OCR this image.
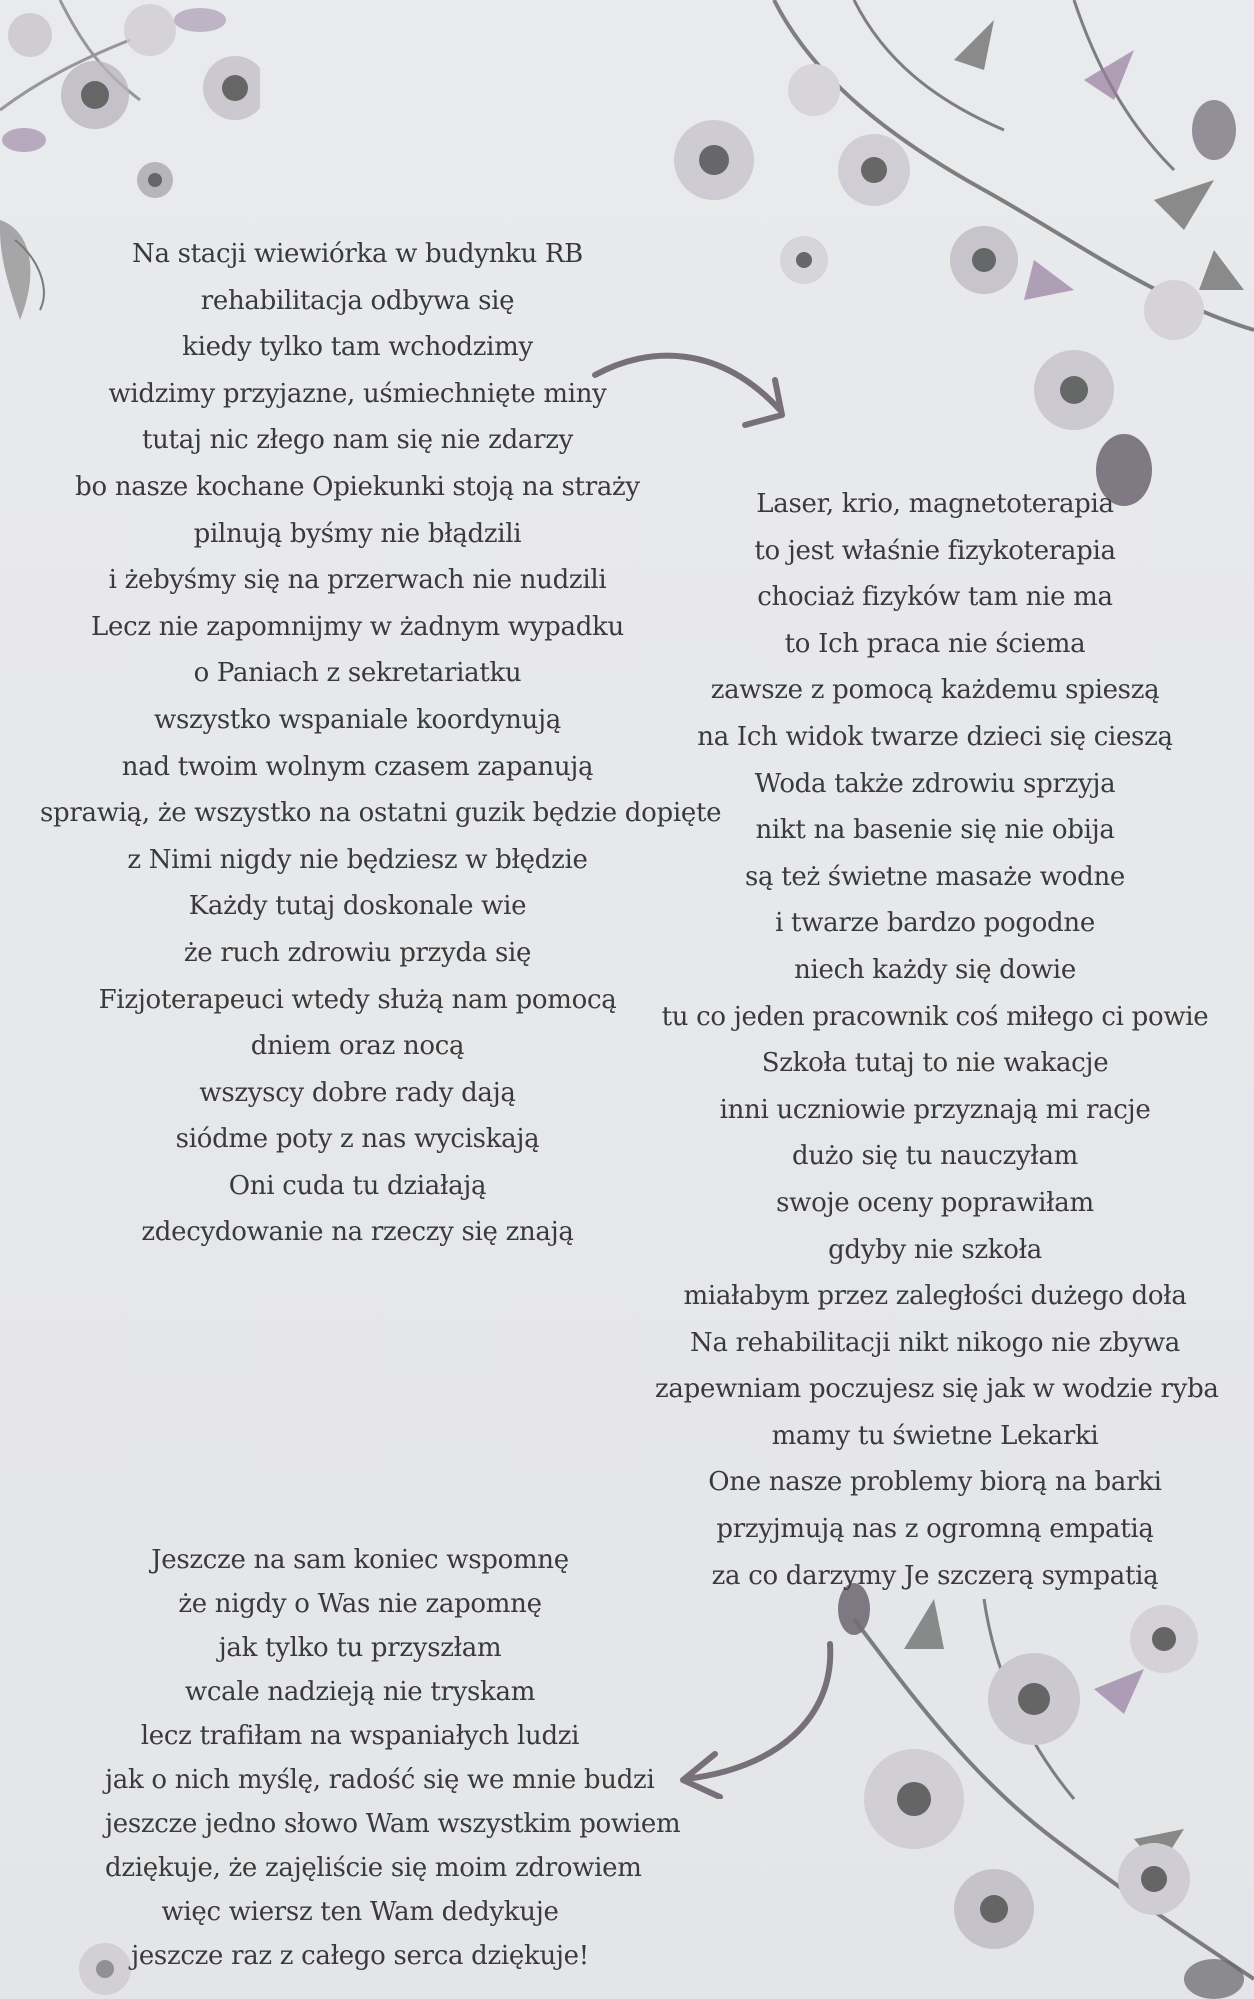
Na stacji wiewiórka w budynku RB
rehabilitacja odbywa się
kiedy tylko tam wchodzimy
widzimy przyjazne, uśmiechnięte miny
tutaj nic złego nam się nie zdarzy
bo nasze kochane Opiekunki stoją na straży
pilnują byśmy nie błądzili
i żebyśmy się na przerwach nie nudzili
Lecz nie zapomnijmy w żadnym wypadku
o Paniach z sekretariatku
wszystko wspaniale koordynują
nad twoim wolnym czasem zapanują
sprawią, że wszystko na ostatni guzik będzie dopięte
z Nimi nigdy nie będziesz w błędzie
Każdy tutaj doskonale wie
że ruch zdrowiu przyda się
Fizjoterapeuci wtedy służą nam pomocą
dniem oraz nocą
wszyscy dobre rady dają
siódme poty z nas wyciskają
Oni cuda tu działają
zdecydowanie na rzeczy się znają
Laser, krio, magnetoterapia
to jest właśnie fizykoterapia
chociaż fizyków tam nie ma
to Ich praca nie ściema
zawsze z pomocą każdemu spieszą
na Ich widok twarze dzieci się cieszą
Woda także zdrowiu sprzyja
nikt na basenie się nie obija
są też świetne masaże wodne
i twarze bardzo pogodne
niech każdy się dowie
tu co jeden pracownik coś miłego ci powie
Szkoła tutaj to nie wakacje
inni uczniowie przyznają mi racje
dużo się tu nauczyłam
swoje oceny poprawiłam
gdyby nie szkoła
miałabym przez zaległości dużego doła
Na rehabilitacji nikt nikogo nie zbywa
zapewniam poczujesz się jak w wodzie ryba
mamy tu świetne Lekarki
One nasze problemy biorą na barki
przyjmują nas z ogromną empatią
za co darzymy Je szczerą sympatią
Jeszcze na sam koniec wspomnę
że nigdy o Was nie zapomnę
jak tylko tu przyszłam
wcale nadzieją nie tryskam
lecz trafiłam na wspaniałych ludzi
jak o nich myślę, radość się we mnie budzi
jeszcze jedno słowo Wam wszystkim powiem
dziękuje, że zajęliście się moim zdrowiem
więc wiersz ten Wam dedykuje
jeszcze raz z całego serca dziękuje!
